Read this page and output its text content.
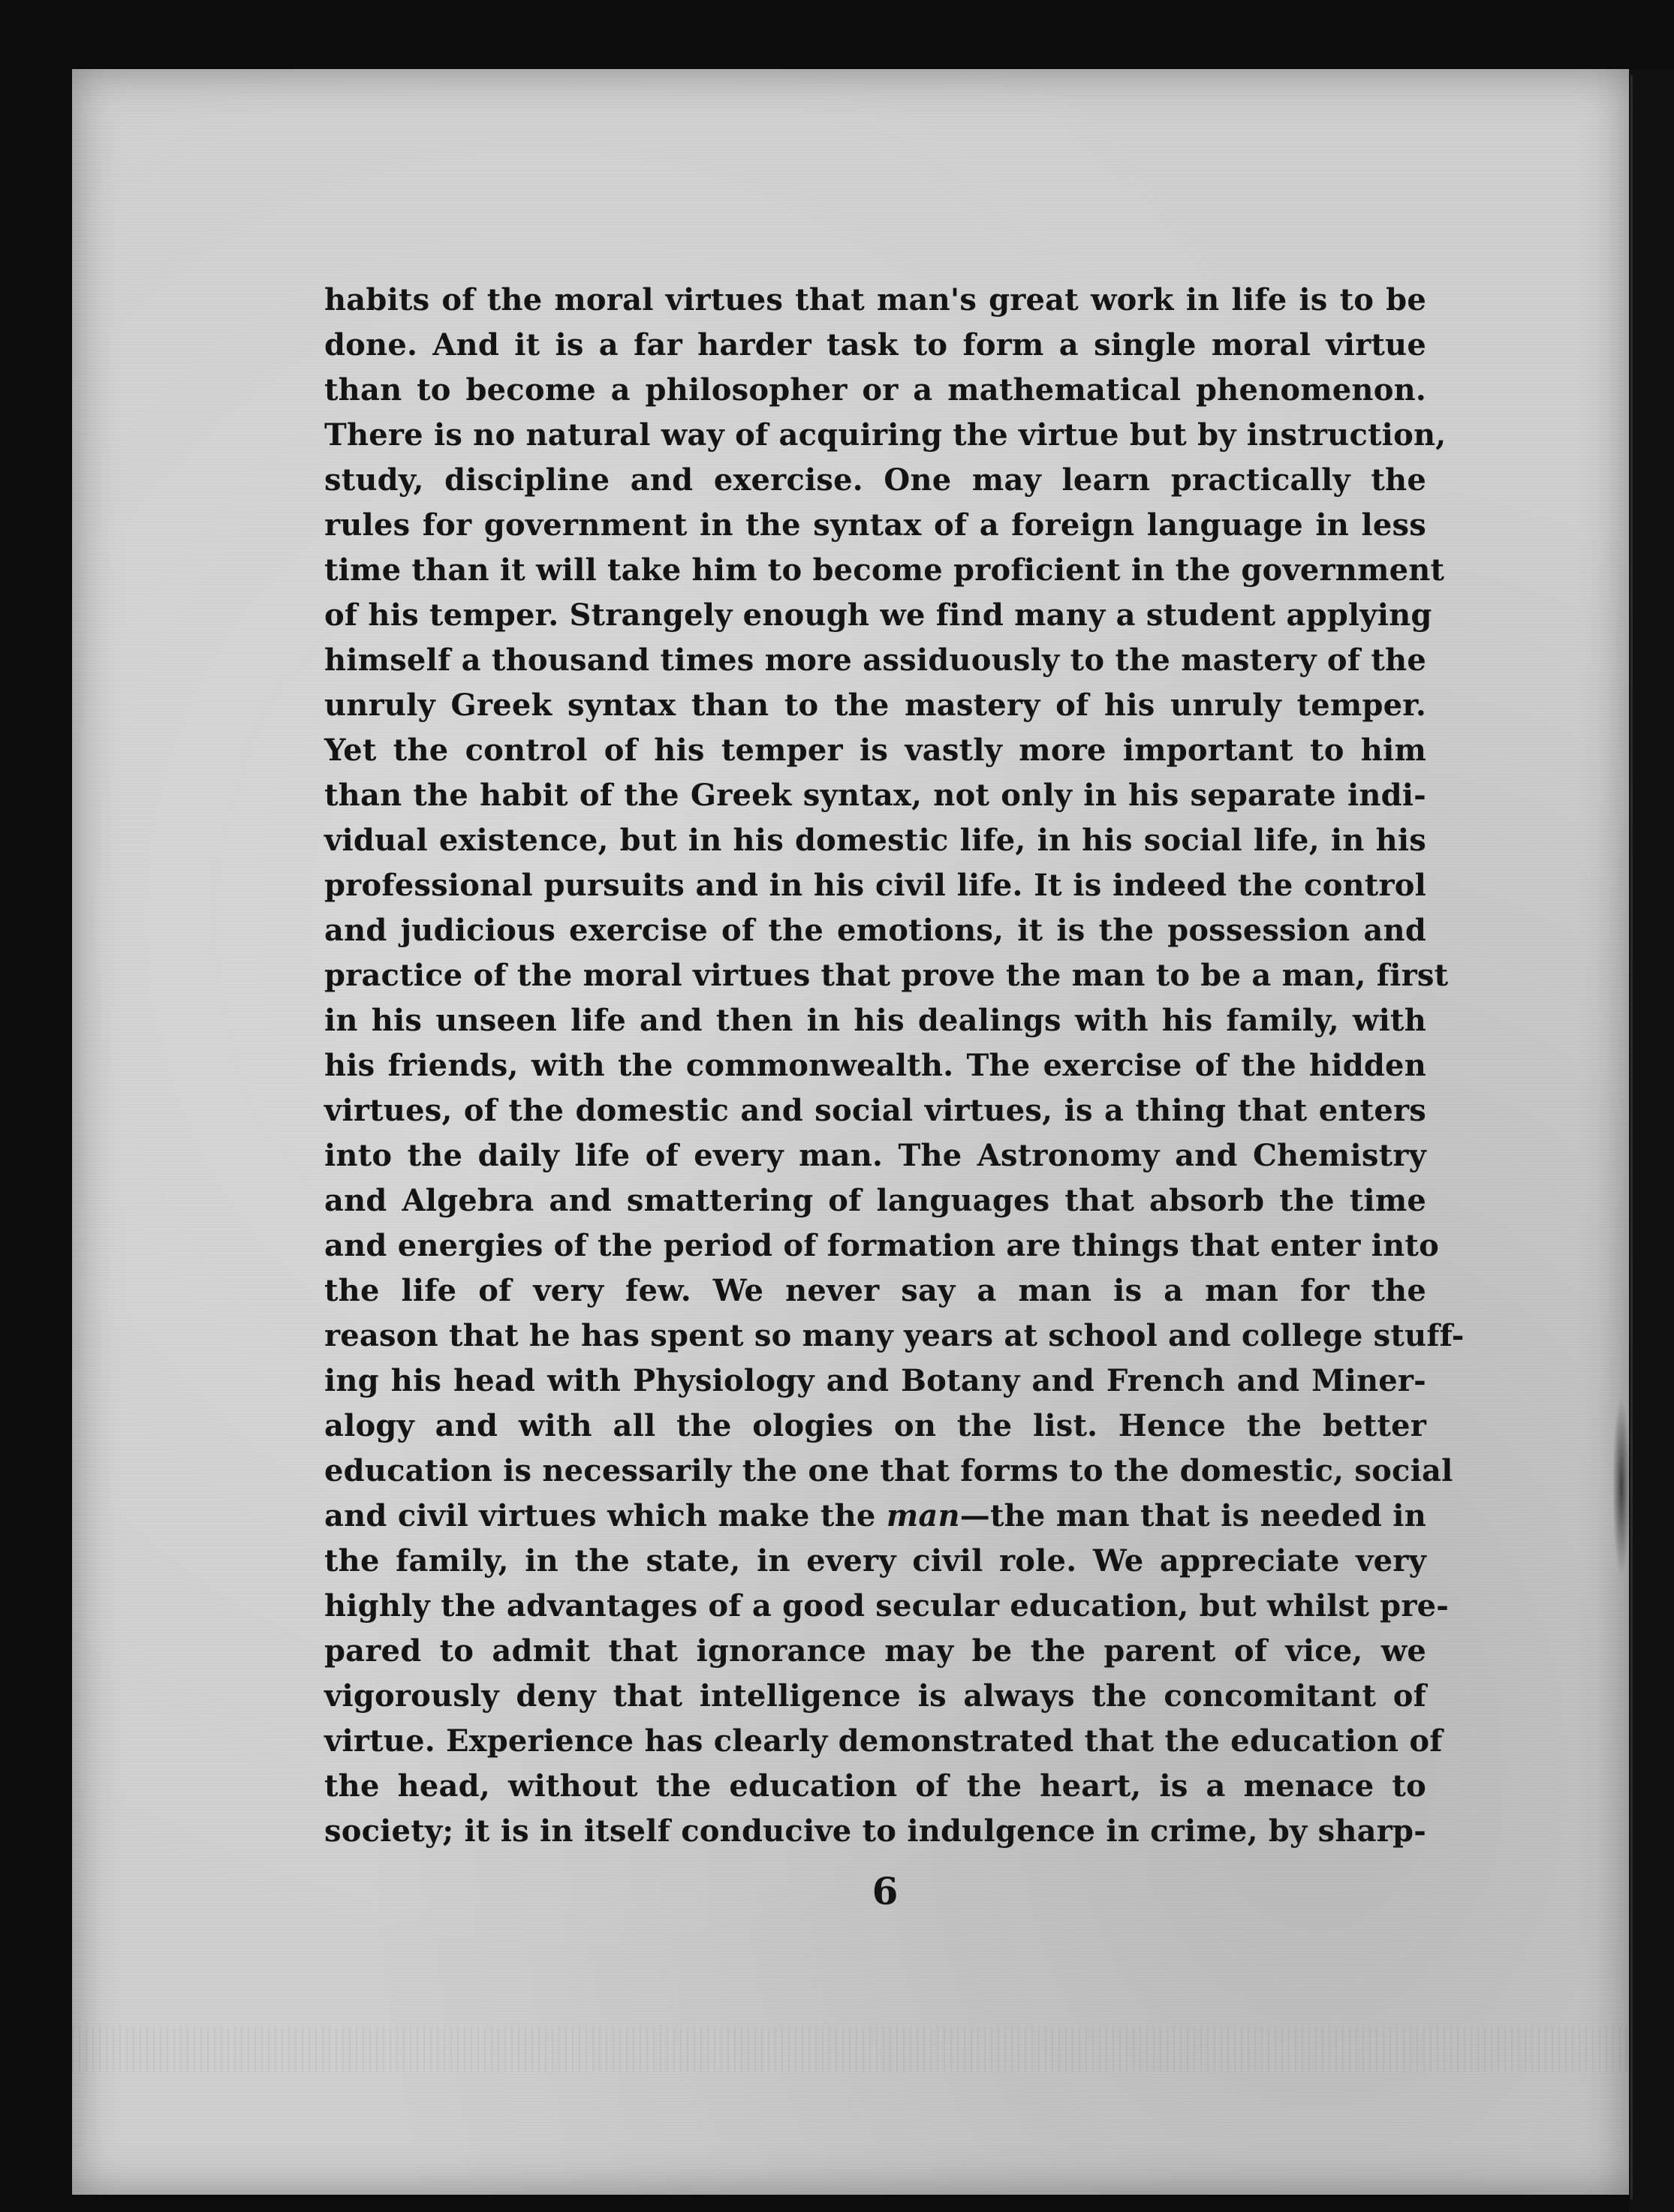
habits of the moral virtues that man's great work in life is to be
done. And it is a far harder task to form a single moral virtue
than to become a philosopher or a mathematical phenomenon.
There is no natural way of acquiring the virtue but by instruction,
study, discipline and exercise. One may learn practically the
rules for government in the syntax of a foreign language in less
time than it will take him to become proficient in the government
of his temper. Strangely enough we find many a student applying
himself a thousand times more assiduously to the mastery of the
unruly Greek syntax than to the mastery of his unruly temper.
Yet the control of his temper is vastly more important to him
than the habit of the Greek syntax, not only in his separate indi-
vidual existence, but in his domestic life, in his social life, in his
professional pursuits and in his civil life. It is indeed the control
and judicious exercise of the emotions, it is the possession and
practice of the moral virtues that prove the man to be a man, first
in his unseen life and then in his dealings with his family, with
his friends, with the commonwealth. The exercise of the hidden
virtues, of the domestic and social virtues, is a thing that enters
into the daily life of every man. The Astronomy and Chemistry
and Algebra and smattering of languages that absorb the time
and energies of the period of formation are things that enter into
the life of very few. We never say a man is a man for the
reason that he has spent so many years at school and college stuff-
ing his head with Physiology and Botany and French and Miner-
alogy and with all the ologies on the list. Hence the better
education is necessarily the one that forms to the domestic, social
and civil virtues which make the man—the man that is needed in
the family, in the state, in every civil role. We appreciate very
highly the advantages of a good secular education, but whilst pre-
pared to admit that ignorance may be the parent of vice, we
vigorously deny that intelligence is always the concomitant of
virtue. Experience has clearly demonstrated that the education of
the head, without the education of the heart, is a menace to
society; it is in itself conducive to indulgence in crime, by sharp-
6
